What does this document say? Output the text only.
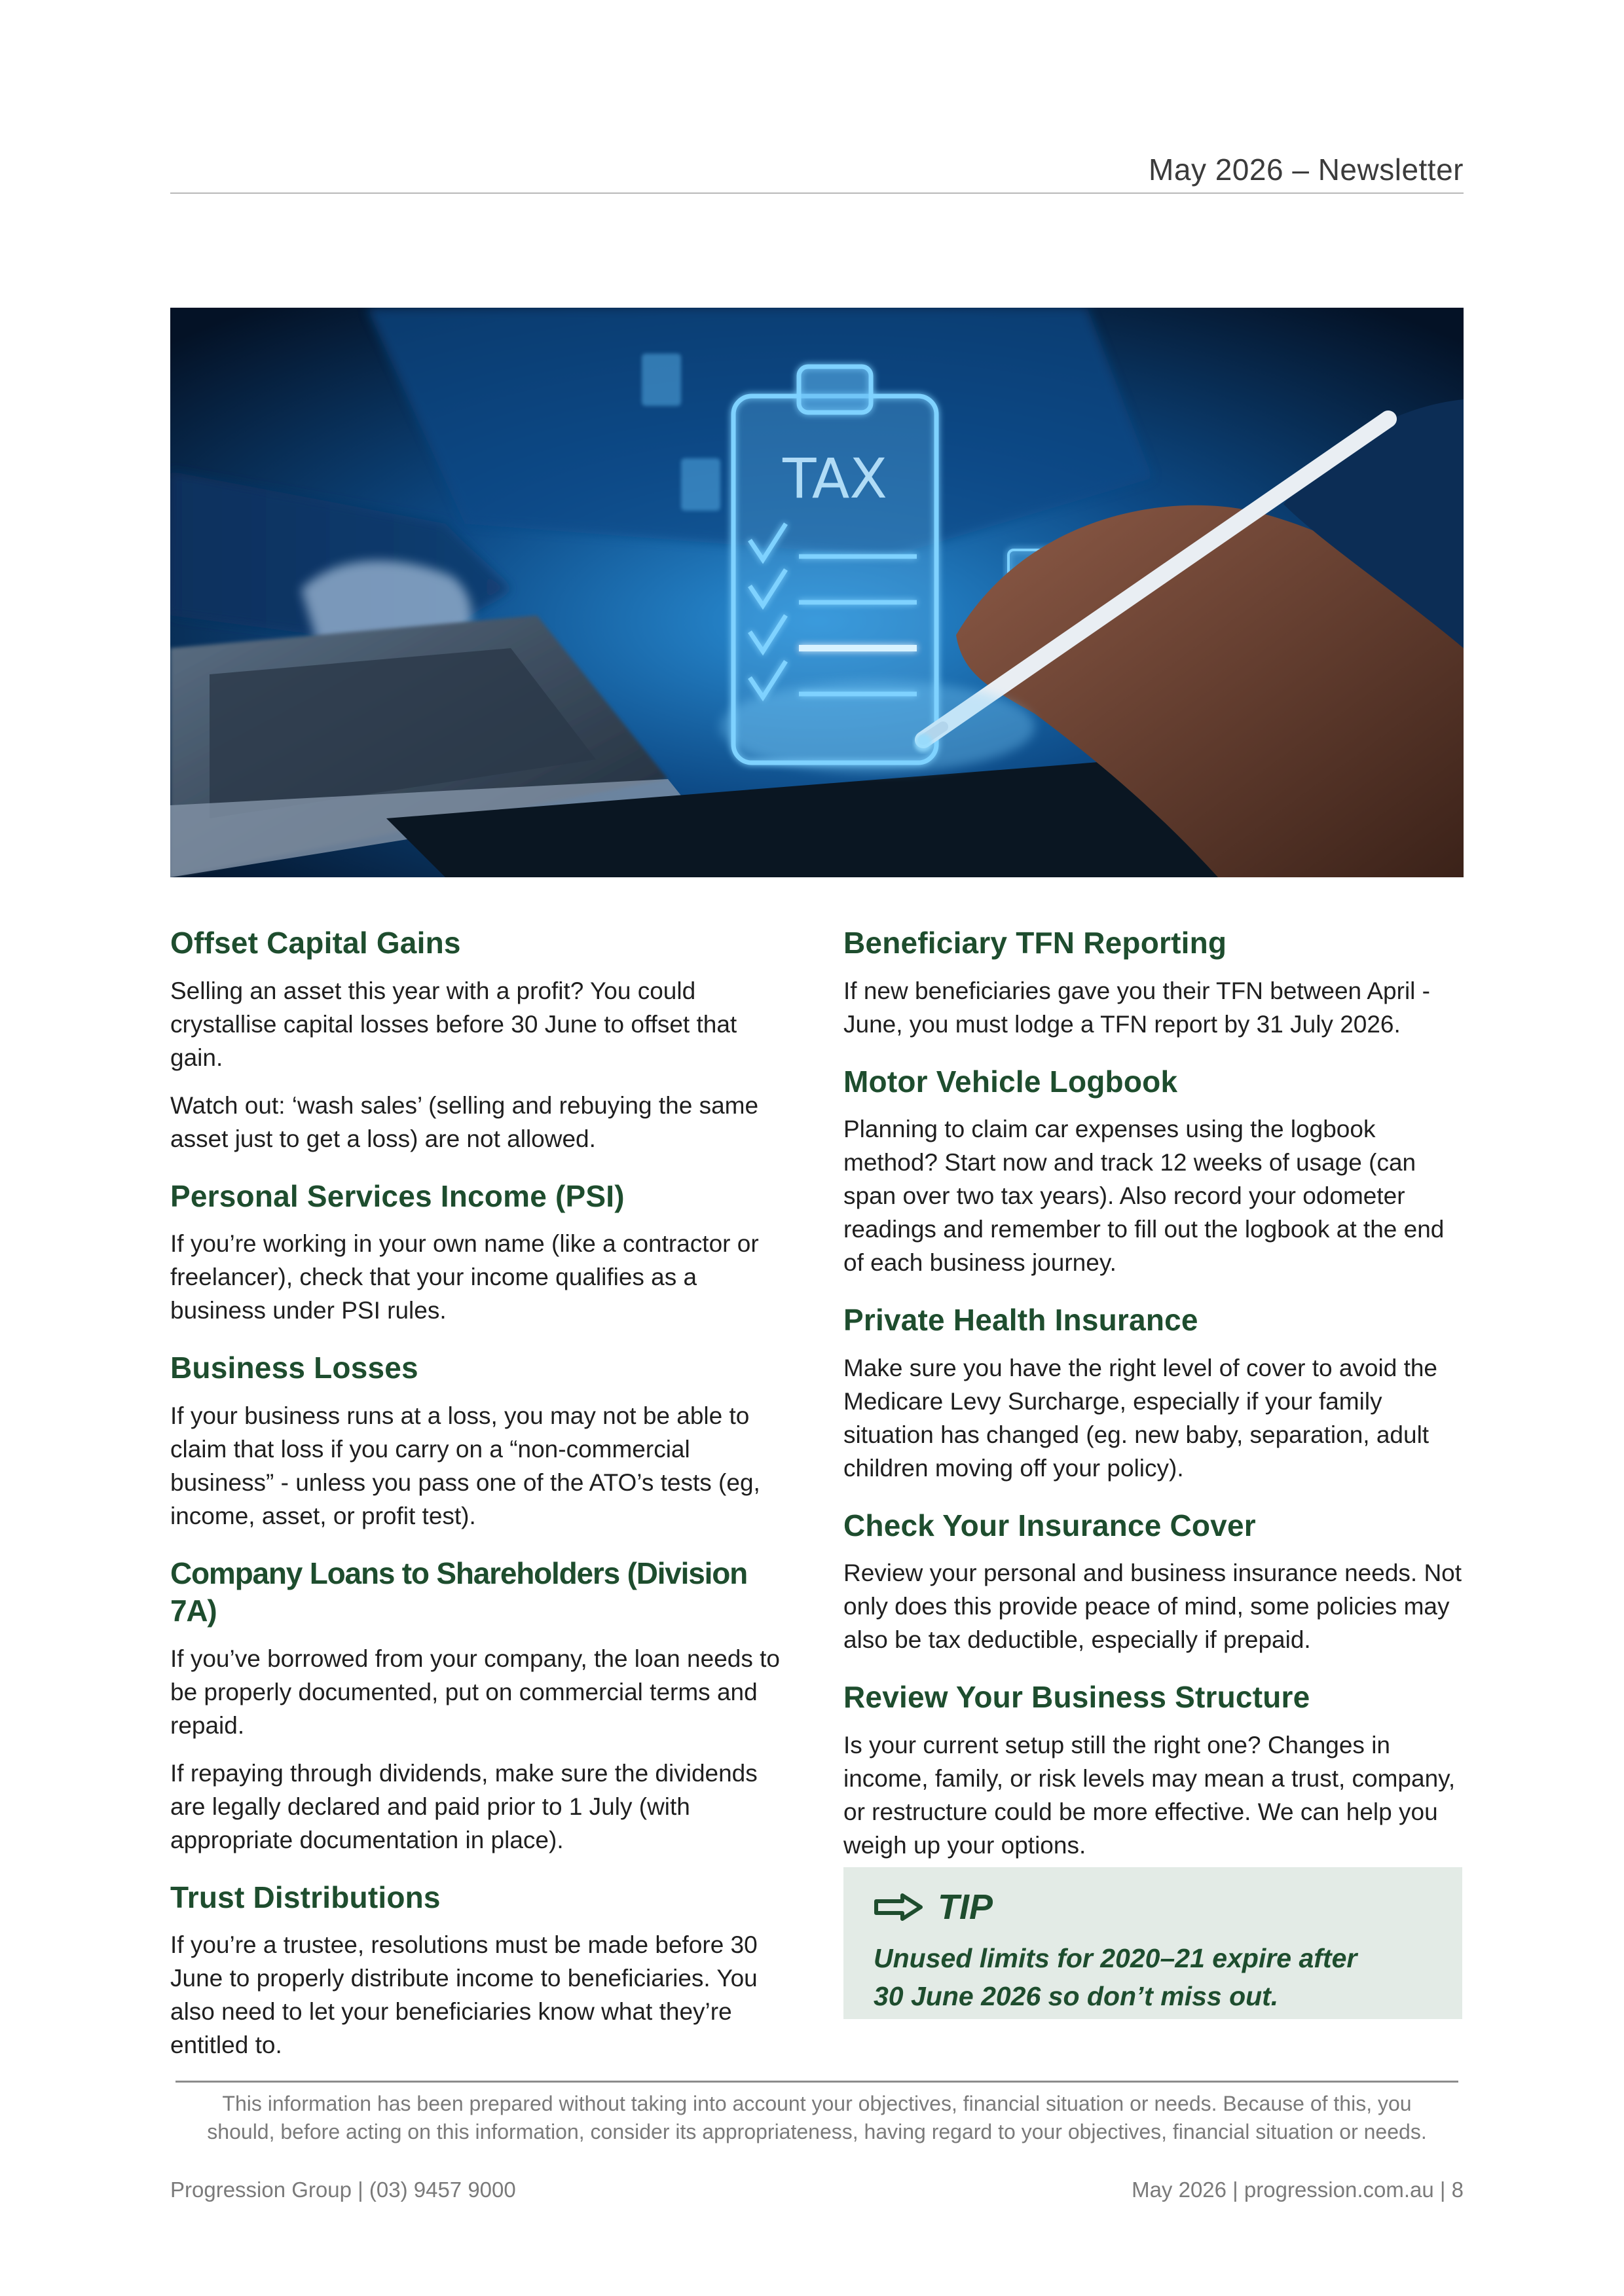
May 2026 – Newsletter
TAX
Offset Capital Gains

Selling an asset this year with a profit? You could crystallise capital losses before 30 June to offset that gain.

Watch out: ‘wash sales’ (selling and rebuying the same asset just to get a loss) are not allowed.

Personal Services Income (PSI)

If you’re working in your own name (like a contractor or freelancer), check that your income qualifies as a business under PSI rules.

Business Losses

If your business runs at a loss, you may not be able to claim that loss if you carry on a “non-commercial business” - unless you pass one of the ATO’s tests (eg, income, asset, or profit test).

Company Loans to Shareholders (Division 7A)

If you’ve borrowed from your company, the loan needs to be properly documented, put on commercial terms and repaid.

If repaying through dividends, make sure the dividends are legally declared and paid prior to 1 July (with appropriate documentation in place).

Trust Distributions

If you’re a trustee, resolutions must be made before 30 June to properly distribute income to beneficiaries. You also need to let your beneficiaries know what they’re entitled to.

Beneficiary TFN Reporting

If new beneficiaries gave you their TFN between April -June, you must lodge a TFN report by 31 July 2026.

Motor Vehicle Logbook

Planning to claim car expenses using the logbook method? Start now and track 12 weeks of usage (can span over two tax years). Also record your odometer readings and remember to fill out the logbook at the end of each business journey.

Private Health Insurance

Make sure you have the right level of cover to avoid the Medicare Levy Surcharge, especially if your family situation has changed (eg. new baby, separation, adult children moving off your policy).

Check Your Insurance Cover

Review your personal and business insurance needs. Not only does this provide peace of mind, some policies may also be tax deductible, especially if prepaid.

Review Your Business Structure

Is your current setup still the right one? Changes in income, family, or risk levels may mean a trust, company, or restructure could be more effective. We can help you weigh up your options.

TIP
Unused limits for 2020–21 expire after
30 June 2026 so don’t miss out.
This information has been prepared without taking into account your objectives, financial situation or needs. Because of this, you
should, before acting on this information, consider its appropriateness, having regard to your objectives, financial situation or needs.
Progression Group | (03) 9457 9000	May 2026 | progression.com.au | 8
